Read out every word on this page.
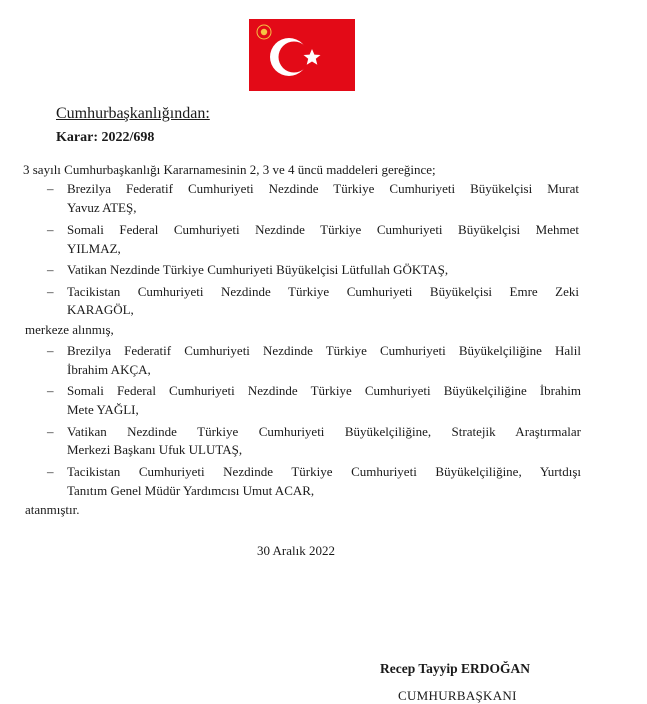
Cumhurbaşkanlığından:
Karar: 2022/698
3 sayılı Cumhurbaşkanlığı Kararnamesinin 2, 3 ve 4 üncü maddeleri gereğince;
– Brezilya Federatif Cumhuriyeti Nezdinde Türkiye Cumhuriyeti Büyükelçisi Murat
Yavuz ATEŞ,
– Somali Federal Cumhuriyeti Nezdinde Türkiye Cumhuriyeti Büyükelçisi Mehmet
YILMAZ,
– Vatikan Nezdinde Türkiye Cumhuriyeti Büyükelçisi Lütfullah GÖKTAŞ,
– Tacikistan Cumhuriyeti Nezdinde Türkiye Cumhuriyeti Büyükelçisi Emre Zeki
KARAGÖL,
merkeze alınmış,
– Brezilya Federatif Cumhuriyeti Nezdinde Türkiye Cumhuriyeti Büyükelçiliğine Halil
İbrahim AKÇA,
– Somali Federal Cumhuriyeti Nezdinde Türkiye Cumhuriyeti Büyükelçiliğine İbrahim
Mete YAĞLI,
– Vatikan Nezdinde Türkiye Cumhuriyeti Büyükelçiliğine, Stratejik Araştırmalar
Merkezi Başkanı Ufuk ULUTAŞ,
– Tacikistan Cumhuriyeti Nezdinde Türkiye Cumhuriyeti Büyükelçiliğine, Yurtdışı
Tanıtım Genel Müdür Yardımcısı Umut ACAR,
atanmıştır.
30 Aralık 2022
Recep Tayyip ERDOĞAN
CUMHURBAŞKANI
